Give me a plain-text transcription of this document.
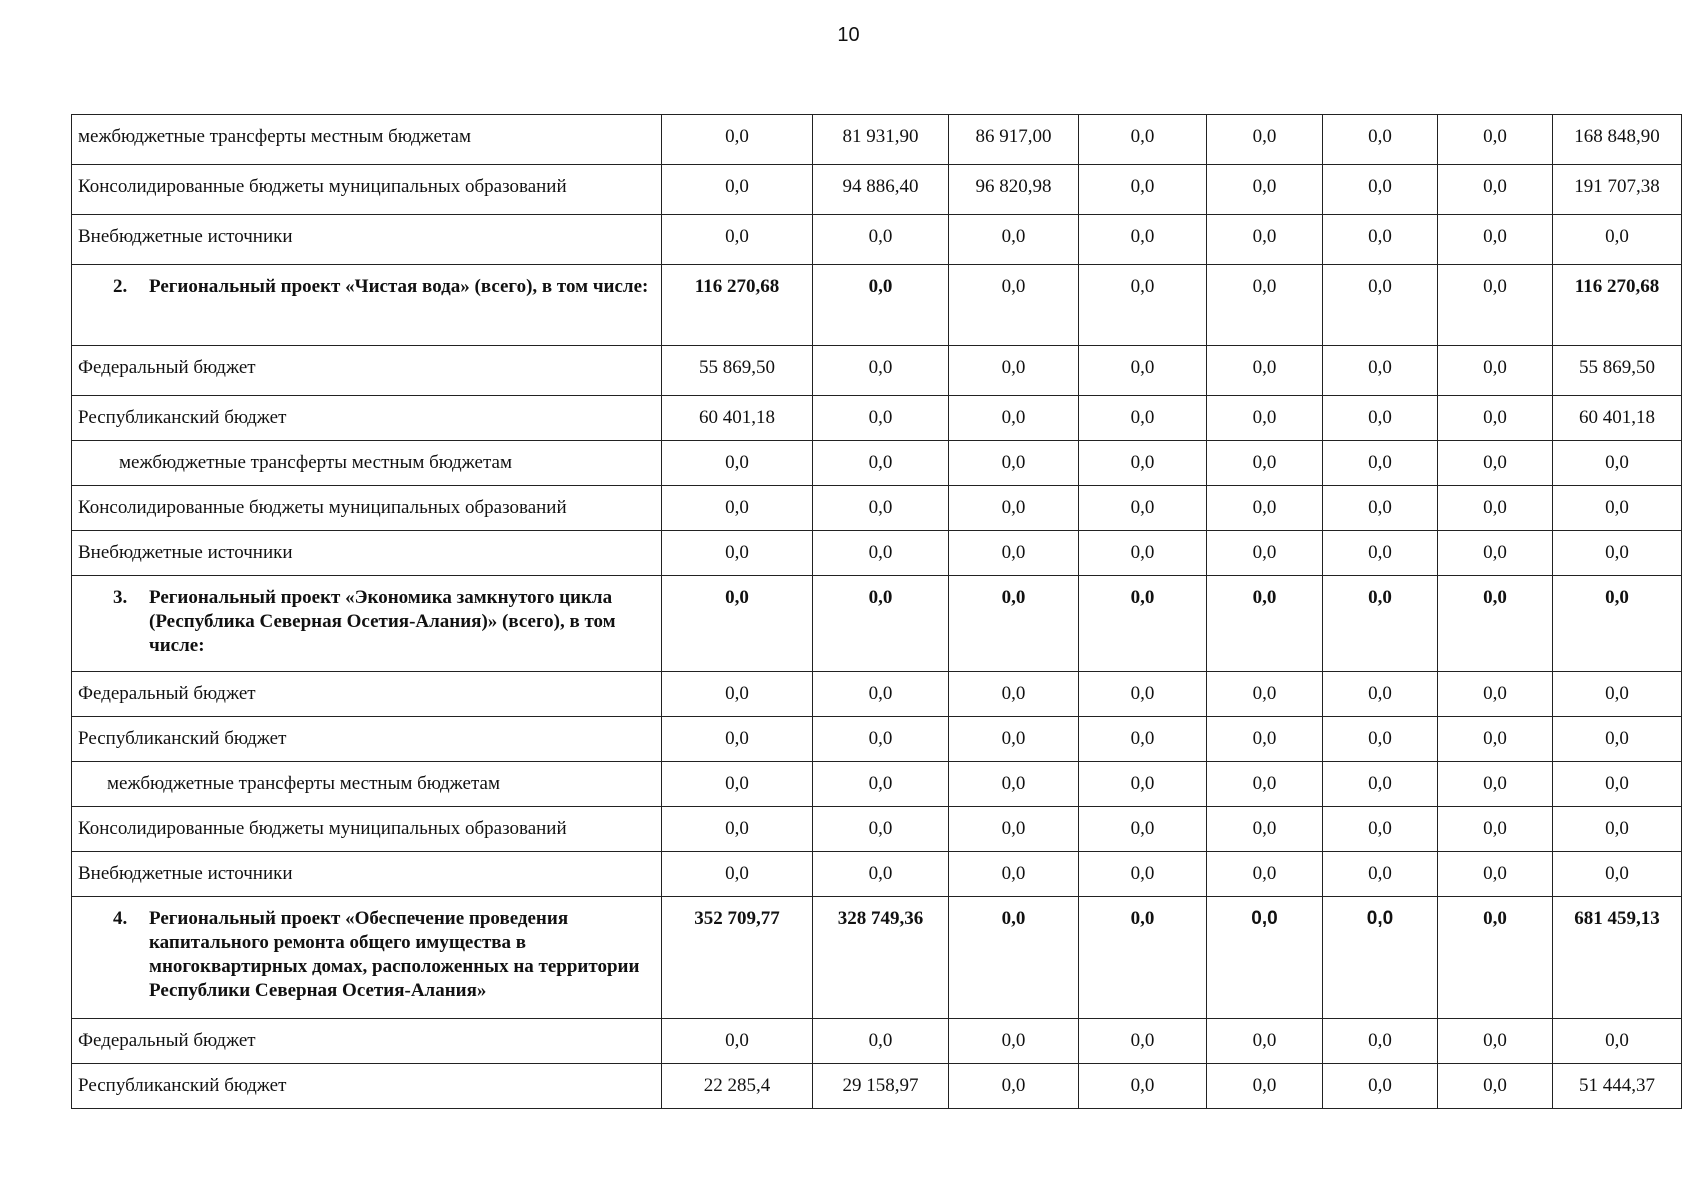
10
межбюджетные трансферты местным бюджетам	0,0	81 931,90	86 917,00	0,0	0,0	0,0	0,0	168 848,90
Консолидированные бюджеты муниципальных образований	0,0	94 886,40	96 820,98	0,0	0,0	0,0	0,0	191 707,38
Внебюджетные источники	0,0	0,0	0,0	0,0	0,0	0,0	0,0	0,0

2. Региональный проект «Чистая вода» (всего), в том числе:	116 270,68	0,0	0,0	0,0	0,0	0,0	0,0	116 270,68
Федеральный бюджет	55 869,50	0,0	0,0	0,0	0,0	0,0	0,0	55 869,50
Республиканский бюджет	60 401,18	0,0	0,0	0,0	0,0	0,0	0,0	60 401,18
межбюджетные трансферты местным бюджетам	0,0	0,0	0,0	0,0	0,0	0,0	0,0	0,0
Консолидированные бюджеты муниципальных образований	0,0	0,0	0,0	0,0	0,0	0,0	0,0	0,0
Внебюджетные источники	0,0	0,0	0,0	0,0	0,0	0,0	0,0	0,0

3. Региональный проект «Экономика замкнутого цикла (Республика Северная Осетия-Алания)» (всего), в том числе:	0,0	0,0	0,0	0,0	0,0	0,0	0,0	0,0
Федеральный бюджет	0,0	0,0	0,0	0,0	0,0	0,0	0,0	0,0
Республиканский бюджет	0,0	0,0	0,0	0,0	0,0	0,0	0,0	0,0
межбюджетные трансферты местным бюджетам	0,0	0,0	0,0	0,0	0,0	0,0	0,0	0,0
Консолидированные бюджеты муниципальных образований	0,0	0,0	0,0	0,0	0,0	0,0	0,0	0,0
Внебюджетные источники	0,0	0,0	0,0	0,0	0,0	0,0	0,0	0,0

4. Региональный проект «Обеспечение проведения капитального ремонта общего имущества в многоквартирных домах, расположенных на территории Республики Северная Осетия-Алания»	352 709,77	328 749,36	0,0	0,0	0,0	0,0	0,0	681 459,13
Федеральный бюджет	0,0	0,0	0,0	0,0	0,0	0,0	0,0	0,0
Республиканский бюджет	22 285,4	29 158,97	0,0	0,0	0,0	0,0	0,0	51 444,37
